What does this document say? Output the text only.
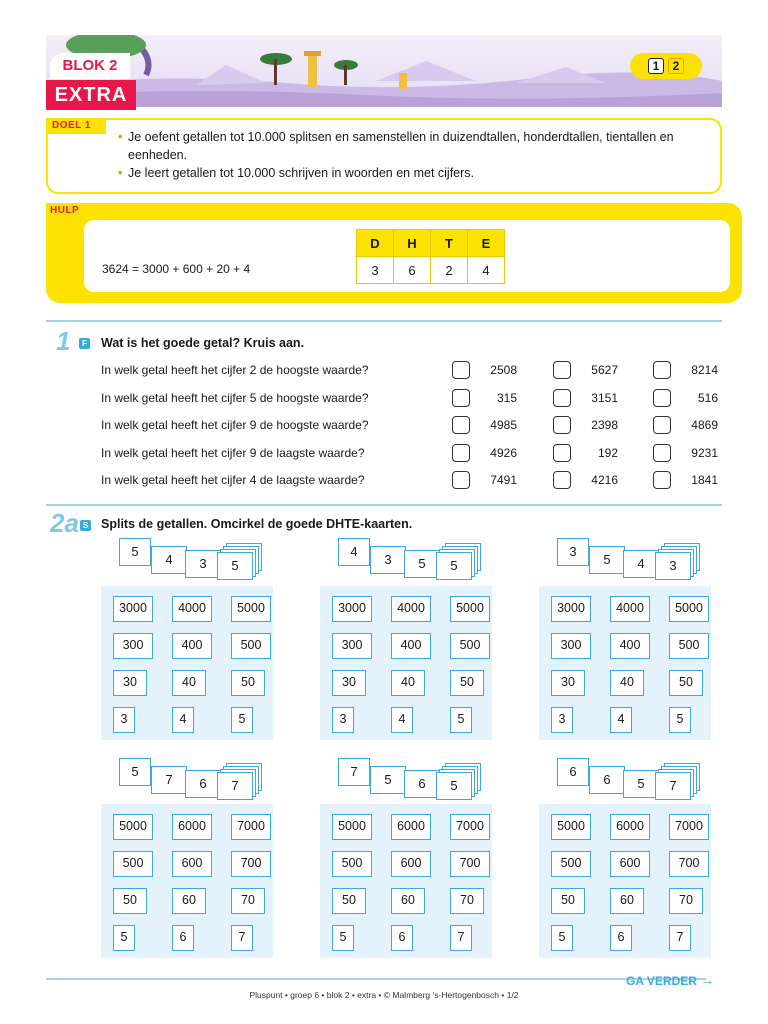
BLOK 2
EXTRA
1	2
• Je oefent getallen tot 10.000 splitsen en samenstellen in duizendtallen, honderdtallen, tientallen en eenheden.
• Je leert getallen tot 10.000 schrijven in woorden en met cijfers.
DOEL 1
HULP
3624 = 3000 + 600 + 20 + 4
D	H	T	E
3	6	2	4
1	F Wat is het goede getal? Kruis aan.
In welk getal heeft het cijfer 2 de hoogste waarde?	2508	5627	8214
In welk getal heeft het cijfer 5 de hoogste waarde?	315	3151	516
In welk getal heeft het cijfer 9 de hoogste waarde?	4985	2398	4869
In welk getal heeft het cijfer 9 de laagste waarde?	4926	192	9231
In welk getal heeft het cijfer 4 de laagste waarde?	7491	4216	1841
2a S Splits de getallen. Omcirkel de goede DHTE-kaarten.
5
4	3	5
3000	4000	5000
300	400	500
30	40	50
3	4	5
4
3	5	5
3000	4000	5000
300	400	500
30	40	50
3	4	5
3
5	4	3
3000	4000	5000
300	400	500
30	40	50
3	4	5
5
7	6	7
5000	6000	7000
500	600	700
50	60	70
5	6	7
7
5	6	5
5000	6000	7000
500	600	700
50	60	70
5	6	7
6
6	5	7
5000	6000	7000
500	600	700
50	60	70
5	6	7
GA VERDER →
Pluspunt • groep 6 • blok 2 • extra • © Malmberg ’s-Hertogenbosch • 1/2
